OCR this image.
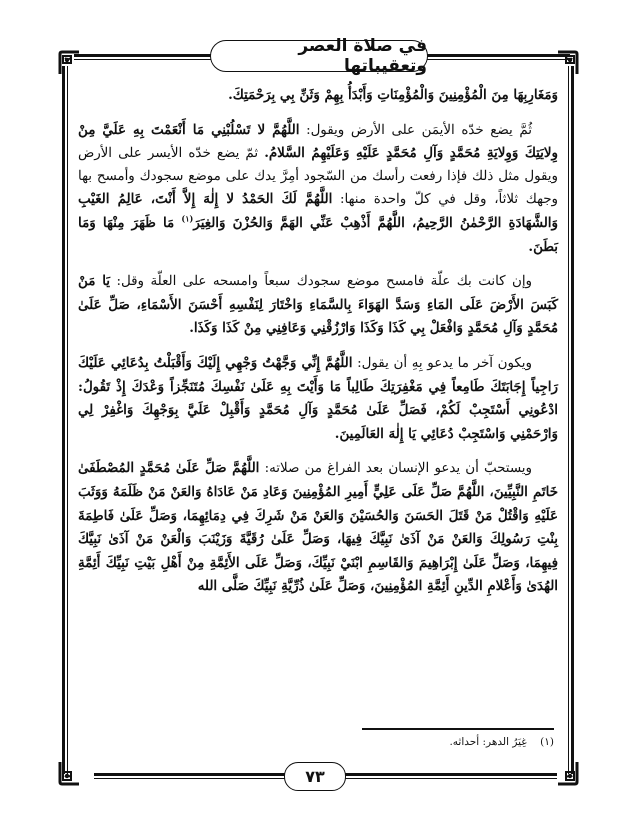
في صلاة العصر وتعقيباتها

وَمَغَارِبِهَا مِنَ الْمُؤْمِنِينَ وَالْمُؤْمِنَاتِ وَأَبْدَأُ بِهِمْ وَثَنِّ بِي بِرَحْمَتِكَ.

ثُمَّ يضع خدّه الأيمَن على الأرض ويقول: اللَّهُمَّ لا تَسْلُبْنِي مَا أَنْعَمْتَ بِهِ عَلَيَّ مِنْ وِلايَتِكَ وَوِلايَةِ مُحَمَّدٍ وَآلِ مُحَمَّدٍ عَلَيْهِ وَعَلَيْهِمُ السَّلامُ. ثمّ يضع خدّه الأيسر على الأرض ويقول مثل ذلك فإذا رفعت رأسك من السّجود أمِرَّ يدك على موضع سجودك وأمسح بها وجهك ثلاثاً، وقل في كلّ واحدة منها: اللَّهُمَّ لَكَ الحَمْدُ لا إِلٰهَ إِلاَّ أَنْتَ، عَالِمُ الغَيْبِ وَالشَّهَادَةِ الرَّحْمٰنُ الرَّحِيمُ، اللَّهُمَّ أَذْهِبْ عَنِّي الهَمَّ وَالحُزْنَ وَالغِيَرَ$^{(١)}$ مَا ظَهَرَ مِنْهَا وَمَا بَطَنَ.

وإن كانت بك علّة فامسح موضع سجودك سبعاً وامسحه على العلّة وقل: يَا مَنْ كَبَسَ الأَرْضَ عَلَى المَاءِ وَسَدَّ الهَوَاءَ بِالسَّمَاءِ وَاخْتَارَ لِنَفْسِهِ أَحْسَنَ الأَسْمَاءِ، صَلِّ عَلَىٰ مُحَمَّدٍ وَآلِ مُحَمَّدٍ وَافْعَلْ بِي كَذَا وَكَذَا وَارْزُقْنِي وَعَافِنِي مِنْ كَذَا وَكَذَا.

ويكون آخر ما يدعو بِهِ أن يقول: اللَّهُمَّ إِنِّي وَجَّهْتُ وَجْهِي إِلَيْكَ وَأَقْبَلْتُ بِدُعَائِي عَلَيْكَ رَاجِياً إِجَابَتَكَ طَامِعاً فِي مَغْفِرَتِكَ طَالِباً مَا وَأَيْتَ بِهِ عَلَىٰ نَفْسِكَ مُتَنَجِّزاً وَعْدَكَ إِذْ تَقُولُ: ادْعُونِي أَسْتَجِبْ لَكُمْ، فَصَلِّ عَلَىٰ مُحَمَّدٍ وَآلِ مُحَمَّدٍ وَأَقْبِلْ عَلَيَّ بِوَجْهِكَ وَاغْفِرْ لِي وَارْحَمْنِي وَاسْتَجِبْ دُعَائِي يَا إِلٰهَ العَالَمِينَ.

ويستحبّ أن يدعو الإنسان بعد الفراغ من صلاته: اللَّهُمَّ صَلِّ عَلَىٰ مُحَمَّدٍ المُصْطَفَىٰ خَاتَمِ النَّبِيِّينَ، اللَّهُمَّ صَلِّ عَلَى عَلِيٍّ أَمِيرِ المُؤْمِنِينَ وَعَادِ مَنْ عَادَاهُ وَالعَنْ مَنْ ظَلَمَهُ وَوَثَبَ عَلَيْهِ وَاقْتُلْ مَنْ قَتَلَ الحَسَنَ وَالحُسَيْنَ وَالعَنْ مَنْ شَرِكَ فِي دِمَائِهِمَا، وَصَلِّ عَلَىٰ فَاطِمَةَ بِنْتِ رَسُولِكَ وَالعَنْ مَنْ آذَىٰ نَبِيَّكَ فِيهَا، وَصَلِّ عَلَىٰ رُقَيَّةَ وَزَيْنَبَ وَالْعَنْ مَنْ آذَىٰ نَبِيَّكَ فِيهِمَا، وَصَلِّ عَلَىٰ إِبْرَاهِيمَ وَالقَاسِمِ ابْنَيْ نَبِيِّكَ، وَصَلِّ عَلَى الأَئِمَّةِ مِنْ أَهْلِ بَيْتِ نَبِيِّكَ أَئِمَّةِ الهُدَىٰ وَأَعْلامِ الدِّينِ أَئِمَّةِ المُؤْمِنِينَ، وَصَلِّ عَلَىٰ ذُرِّيَّةِ نَبِيِّكَ صَلَّى الله

(١) غِيَرُ الدهر: أحداثه.
٧٣
